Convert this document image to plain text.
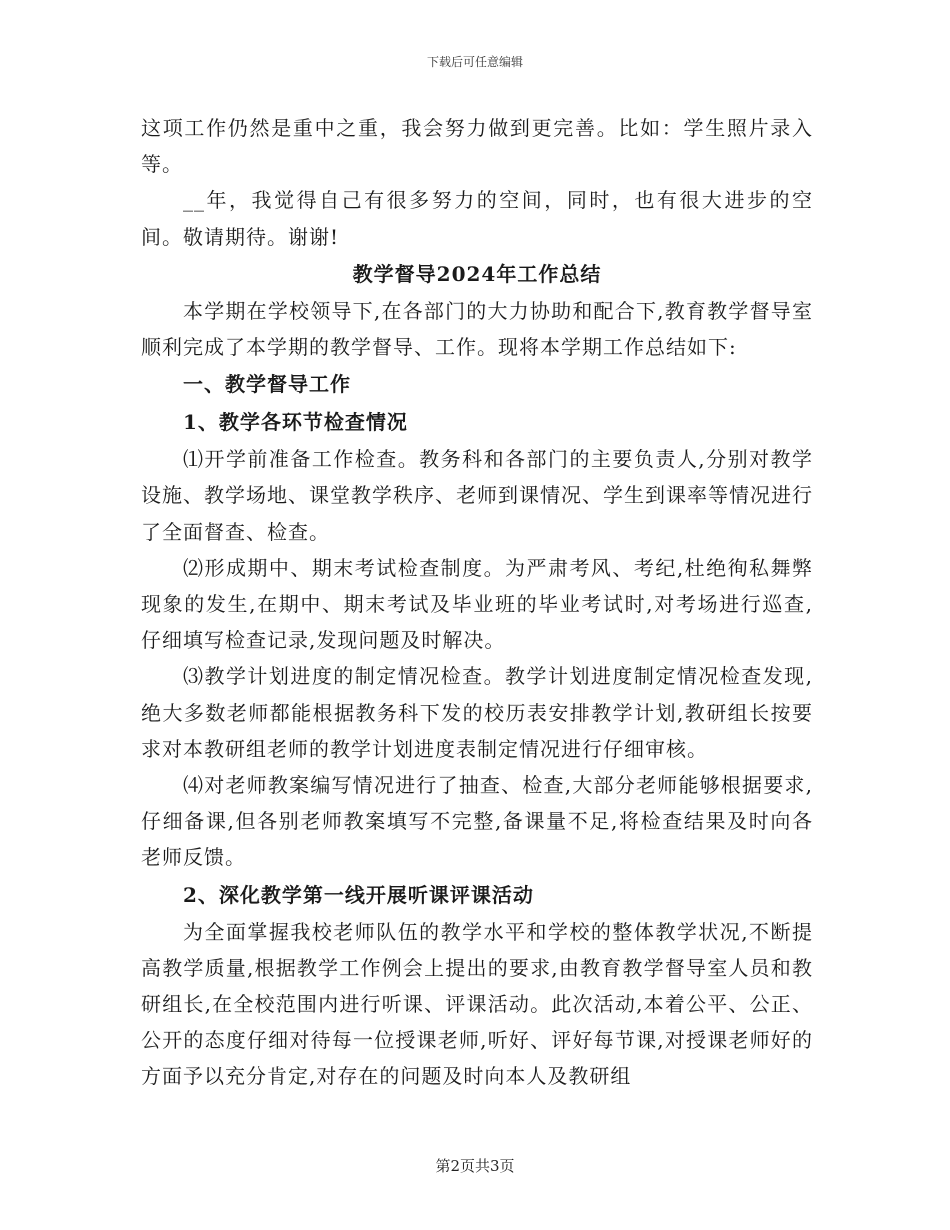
下载后可任意编辑

这项工作仍然是重中之重，我会努力做到更完善。比如：学生照片录入等。

__年，我觉得自己有很多努力的空间，同时，也有很大进步的空间。敬请期待。谢谢!

教学督导2024年工作总结

本学期在学校领导下,在各部门的大力协助和配合下,教育教学督导室顺利完成了本学期的教学督导、工作。现将本学期工作总结如下:

一、教学督导工作

1、教学各环节检查情况

⑴开学前准备工作检查。教务科和各部门的主要负责人,分别对教学设施、教学场地、课堂教学秩序、老师到课情况、学生到课率等情况进行了全面督查、检查。

⑵形成期中、期末考试检查制度。为严肃考风、考纪,杜绝徇私舞弊现象的发生,在期中、期末考试及毕业班的毕业考试时,对考场进行巡查,仔细填写检查记录,发现问题及时解决。

⑶教学计划进度的制定情况检查。教学计划进度制定情况检查发现,绝大多数老师都能根据教务科下发的校历表安排教学计划,教研组长按要求对本教研组老师的教学计划进度表制定情况进行仔细审核。

⑷对老师教案编写情况进行了抽查、检查,大部分老师能够根据要求,仔细备课,但各别老师教案填写不完整,备课量不足,将检查结果及时向各老师反馈。

2、深化教学第一线开展听课评课活动

为全面掌握我校老师队伍的教学水平和学校的整体教学状况,不断提高教学质量,根据教学工作例会上提出的要求,由教育教学督导室人员和教研组长,在全校范围内进行听课、评课活动。此次活动,本着公平、公正、公开的态度仔细对待每一位授课老师,听好、评好每节课,对授课老师好的方面予以充分肯定,对存在的问题及时向本人及教研组

第2页共3页
